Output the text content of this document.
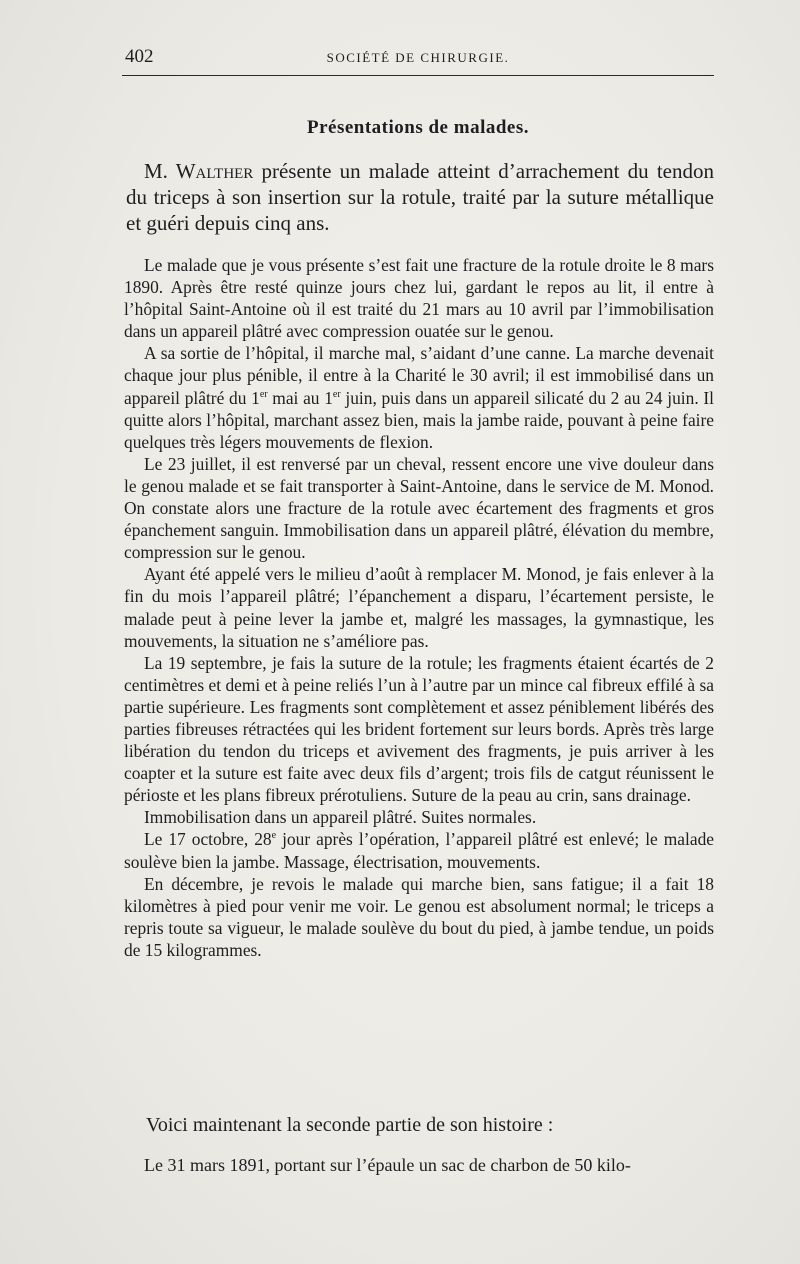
402	SOCIÉTÉ DE CHIRURGIE.
Présentations de malades.

M. Walther présente un malade atteint d’arrachement du tendon du triceps à son insertion sur la rotule, traité par la suture métallique et guéri depuis cinq ans.

Le malade que je vous présente s’est fait une fracture de la rotule droite le 8 mars 1890. Après être resté quinze jours chez lui, gardant le repos au lit, il entre à l’hôpital Saint-Antoine où il est traité du 21 mars au 10 avril par l’immobilisation dans un appareil plâtré avec compression ouatée sur le genou.

A sa sortie de l’hôpital, il marche mal, s’aidant d’une canne. La marche devenait chaque jour plus pénible, il entre à la Charité le 30 avril; il est immobilisé dans un appareil plâtré du 1er mai au 1er juin, puis dans un appareil silicaté du 2 au 24 juin. Il quitte alors l’hôpital, marchant assez bien, mais la jambe raide, pouvant à peine faire quelques très légers mouvements de flexion.

Le 23 juillet, il est renversé par un cheval, ressent encore une vive douleur dans le genou malade et se fait transporter à Saint-Antoine, dans le service de M. Monod. On constate alors une fracture de la rotule avec écartement des fragments et gros épanchement sanguin. Immobilisation dans un appareil plâtré, élévation du membre, compression sur le genou.

Ayant été appelé vers le milieu d’août à remplacer M. Monod, je fais enlever à la fin du mois l’appareil plâtré; l’épanchement a disparu, l’écartement persiste, le malade peut à peine lever la jambe et, malgré les massages, la gymnastique, les mouvements, la situation ne s’améliore pas.

La 19 septembre, je fais la suture de la rotule; les fragments étaient écartés de 2 centimètres et demi et à peine reliés l’un à l’autre par un mince cal fibreux effilé à sa partie supérieure. Les fragments sont complètement et assez péniblement libérés des parties fibreuses rétractées qui les brident fortement sur leurs bords. Après très large libération du tendon du triceps et avivement des fragments, je puis arriver à les coapter et la suture est faite avec deux fils d’argent; trois fils de catgut réunissent le périoste et les plans fibreux prérotuliens. Suture de la peau au crin, sans drainage.

Immobilisation dans un appareil plâtré. Suites normales.

Le 17 octobre, 28e jour après l’opération, l’appareil plâtré est enlevé; le malade soulève bien la jambe. Massage, électrisation, mouvements.

En décembre, je revois le malade qui marche bien, sans fatigue; il a fait 18 kilomètres à pied pour venir me voir. Le genou est absolument normal; le triceps a repris toute sa vigueur, le malade soulève du bout du pied, à jambe tendue, un poids de 15 kilogrammes.

Voici maintenant la seconde partie de son histoire :

Le 31 mars 1891, portant sur l’épaule un sac de charbon de 50 kilo-
